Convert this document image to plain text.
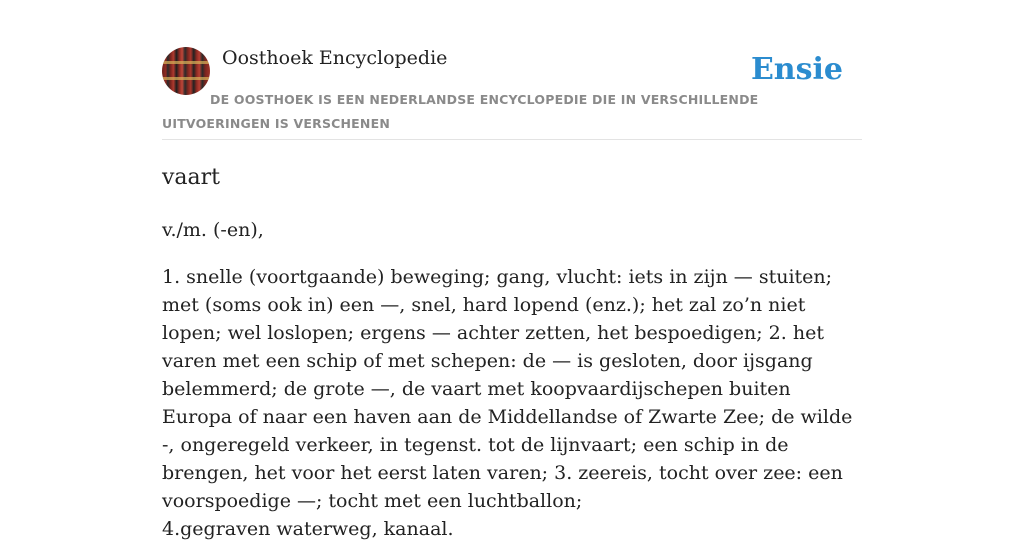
Oosthoek Encyclopedie	Ensie
DE OOSTHOEK IS EEN NEDERLANDSE ENCYCLOPEDIE DIE IN VERSCHILLENDE UITVOERINGEN IS VERSCHENEN
vaart
v./m. (-en),
1. snelle (voortgaande) beweging; gang, vlucht: iets in zijn — stuiten; met (soms ook in) een —, snel, hard lopend (enz.); het zal zo’n niet lopen; wel loslopen; ergens — achter zetten, het bespoedigen; 2. het varen met een schip of met schepen: de — is gesloten, door ijsgang belemmerd; de grote —, de vaart met koopvaardijschepen buiten Europa of naar een haven aan de Middellandse of Zwarte Zee; de wilde -, ongeregeld verkeer, in tegenst. tot de lijnvaart; een schip in de brengen, het voor het eerst laten varen; 3. zeereis, tocht over zee: een voorspoedige —; tocht met een luchtballon;
4.gegraven waterweg, kanaal.
